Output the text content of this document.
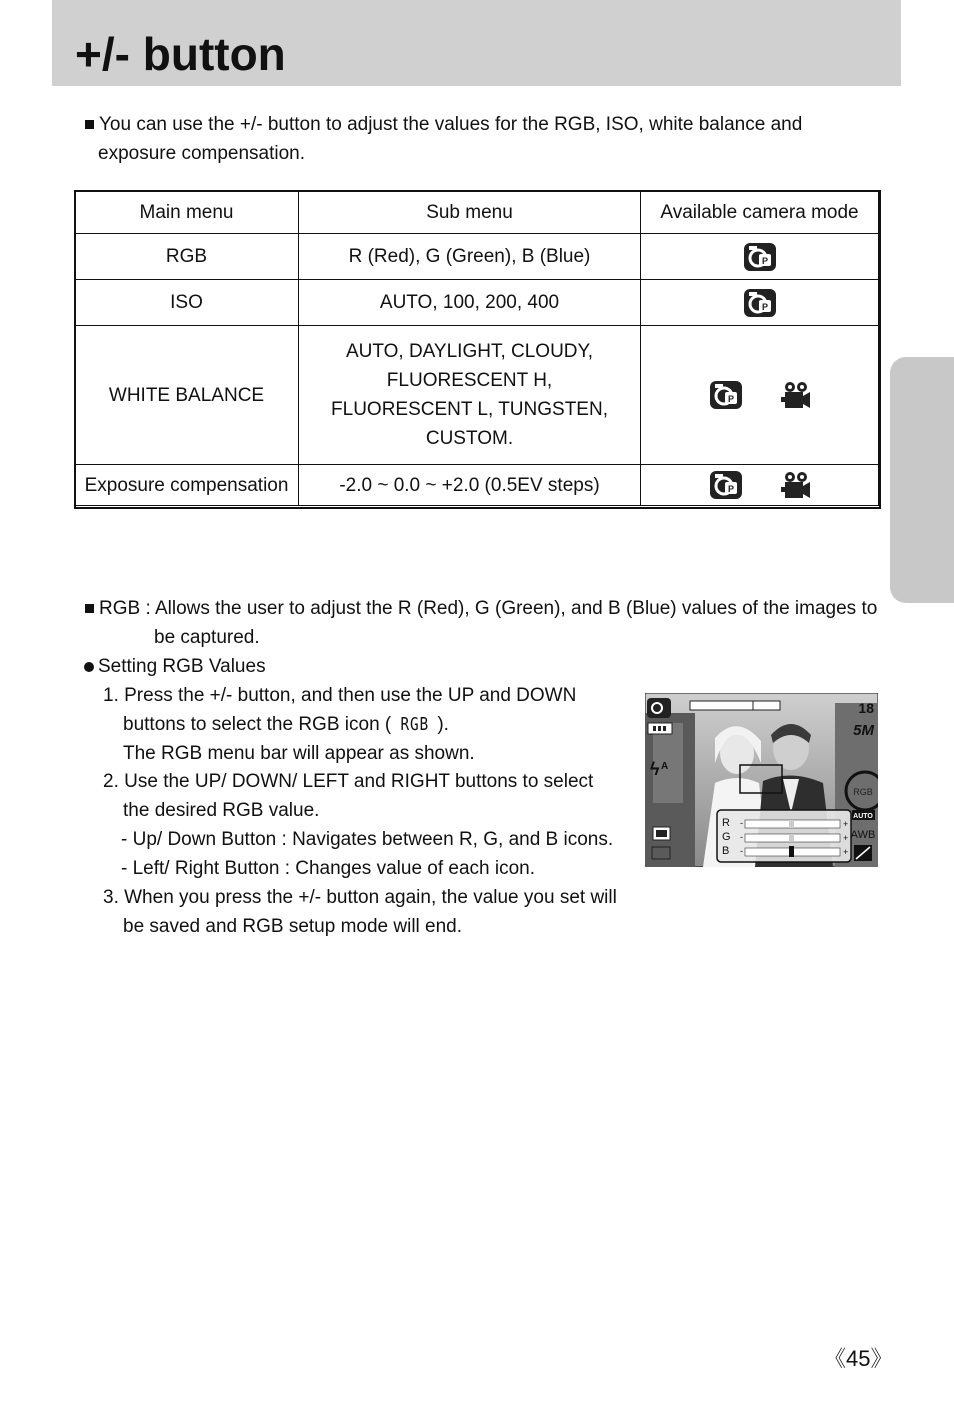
+/- button
You can use the +/- button to adjust the values for the RGB, ISO, white balance and
exposure compensation.
Main menu	Sub menu	Available camera mode
RGB	R (Red), G (Green), B (Blue)	
ISO	AUTO, 100, 200, 400	
WHITE BALANCE	AUTO, DAYLIGHT, CLOUDY,
FLUORESCENT H,
FLUORESCENT L, TUNGSTEN,
CUSTOM.	

Exposure compensation	-2.0 ~ 0.0 ~ +2.0 (0.5EV steps)	
RGB : Allows the user to adjust the R (Red), G (Green), and B (Blue) values of the images to
be captured.
Setting RGB Values
1. Press the +/- button, and then use the UP and DOWN
buttons to select the RGB icon ( RGB ).
The RGB menu bar will appear as shown.
2. Use the UP/ DOWN/ LEFT and RIGHT buttons to select
the desired RGB value.
- Up/ Down Button : Navigates between R, G, and B icons.
- Left/ Right Button : Changes value of each icon.
3. When you press the +/- button again, the value you set will
be saved and RGB setup mode will end.
18
5M
ϟ A
RGB
AUTO
AWB
R
G
B
-
-
-
+
+
+
《45》
